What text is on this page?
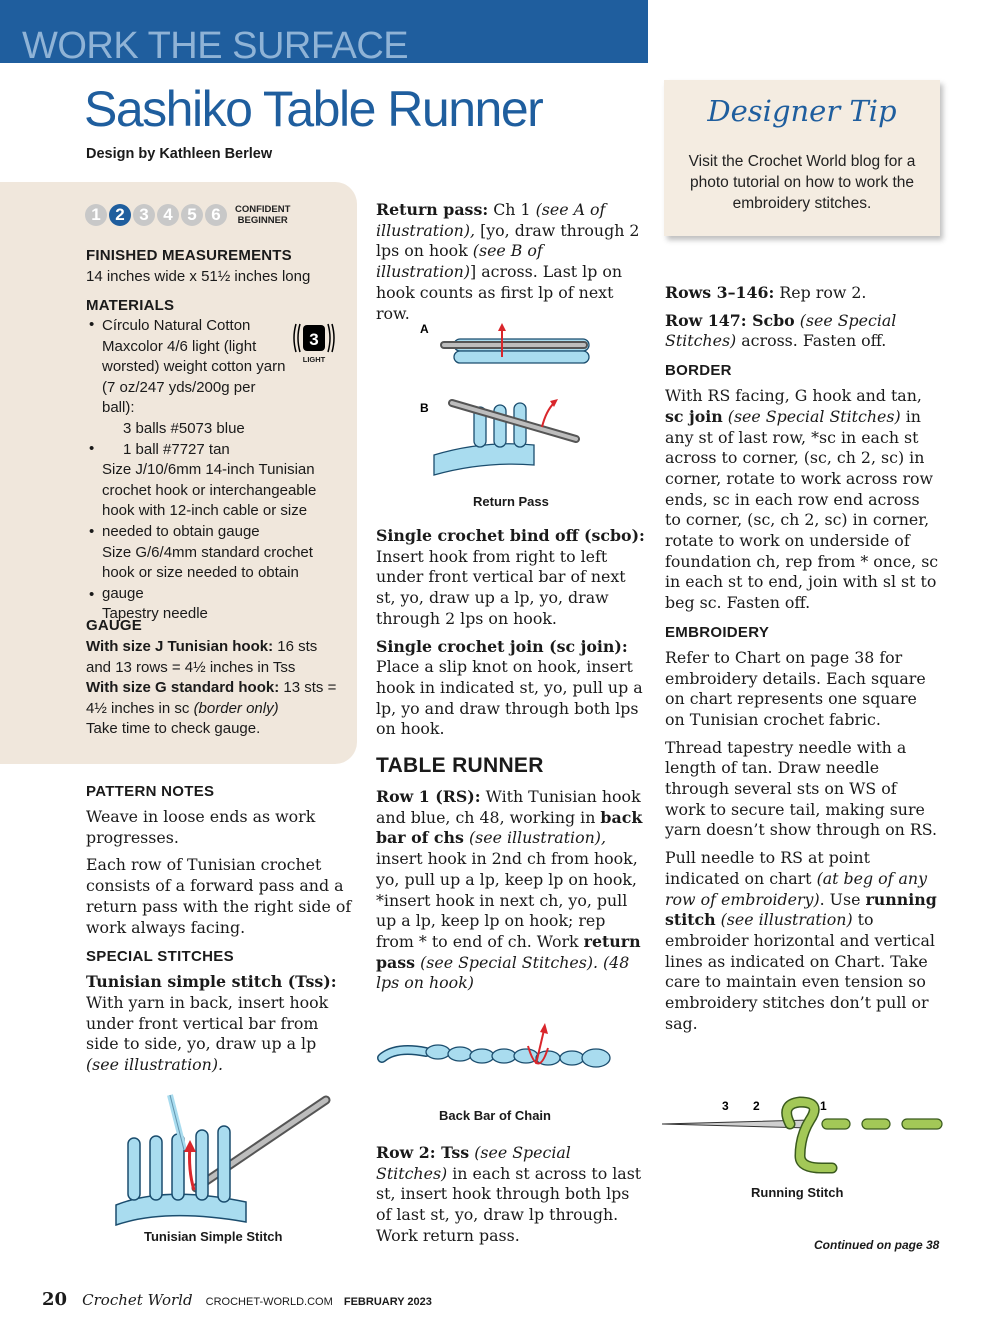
WORK THE SURFACE
Sashiko Table Runner
Design by Kathleen Berlew
Designer Tip
Visit the Crochet World blog for a photo tutorial on how to work the embroidery stitches.
1 2 3 4 5 6	CONFIDENT
BEGINNER
FINISHED MEASUREMENTS
14 inches wide x 51½ inches long
MATERIALS
3
LIGHT
•
•
•
•
Círculo Natural Cotton Maxcolor 4/6 light (light worsted) weight cotton yarn (7 oz/247 yds/200g per ball):
3 balls #5073 blue
1 ball #7727 tan
Size J/10/6mm 14-inch Tunisian crochet hook or interchangeable hook with 12-inch cable or size needed to obtain gauge
Size G/6/4mm standard crochet hook or size needed to obtain gauge
Tapestry needle
GAUGE
With size J Tunisian hook: 16 sts and 13 rows = 4½ inches in Tss
With size G standard hook: 13 sts = 4½ inches in sc (border only)
Take time to check gauge.
PATTERN NOTES

Weave in loose ends as work progresses.

Each row of Tunisian crochet consists of a forward pass and a return pass with the right side of work always facing.

SPECIAL STITCHES

Tunisian simple stitch (Tss): With yarn in back, insert hook under front vertical bar from side to side, yo, draw up a lp (see illustration).

Tunisian Simple Stitch

Return pass: Ch 1 (see A of illustration), [yo, draw through 2 lps on hook (see B of illustration)] across. Last lp on hook counts as first lp of next row.

A
B
Return Pass

Single crochet bind off (scbo): Insert hook from right to left under front vertical bar of next st, yo, draw up a lp, yo, draw through 2 lps on hook.

Single crochet join (sc join): Place a slip knot on hook, insert hook in indicated st, yo, pull up a lp, yo and draw through both lps on hook.

TABLE RUNNER

Row 1 (RS): With Tunisian hook and blue, ch 48, working in back bar of chs (see illustration), insert hook in 2nd ch from hook, yo, pull up a lp, keep lp on hook, *insert hook in next ch, yo, pull up a lp, keep lp on hook; rep from * to end of ch. Work return pass (see Special Stitches). (48 lps on hook)

Back Bar of Chain

Row 2: Tss (see Special Stitches) in each st across to last st, insert hook through both lps of last st, yo, draw lp through. Work return pass.

Rows 3–146: Rep row 2.

Row 147: Scbo (see Special Stitches) across. Fasten off.

BORDER

With RS facing, G hook and tan, sc join (see Special Stitches) in any st of last row, *sc in each st across to corner, (sc, ch 2, sc) in corner, rotate to work across row ends, sc in each row end across to corner, (sc, ch 2, sc) in corner, rotate to work on underside of foundation ch, rep from * once, sc in each st to end, join with sl st to beg sc. Fasten off.

EMBROIDERY

Refer to Chart on page 38 for embroidery details. Each square on chart represents one square on Tunisian crochet fabric.

Thread tapestry needle with a length of tan. Draw needle through several sts on WS of work to secure tail, making sure yarn doesn’t show through on RS.

Pull needle to RS at point indicated on chart (at beg of any row of embroidery). Use running stitch (see illustration) to embroider horizontal and vertical lines as indicated on Chart. Take care to maintain even tension so embroidery stitches don’t pull or sag.

3 2	1
Running Stitch
Continued on page 38
20 Crochet World CROCHET-WORLD.COM FEBRUARY 2023
